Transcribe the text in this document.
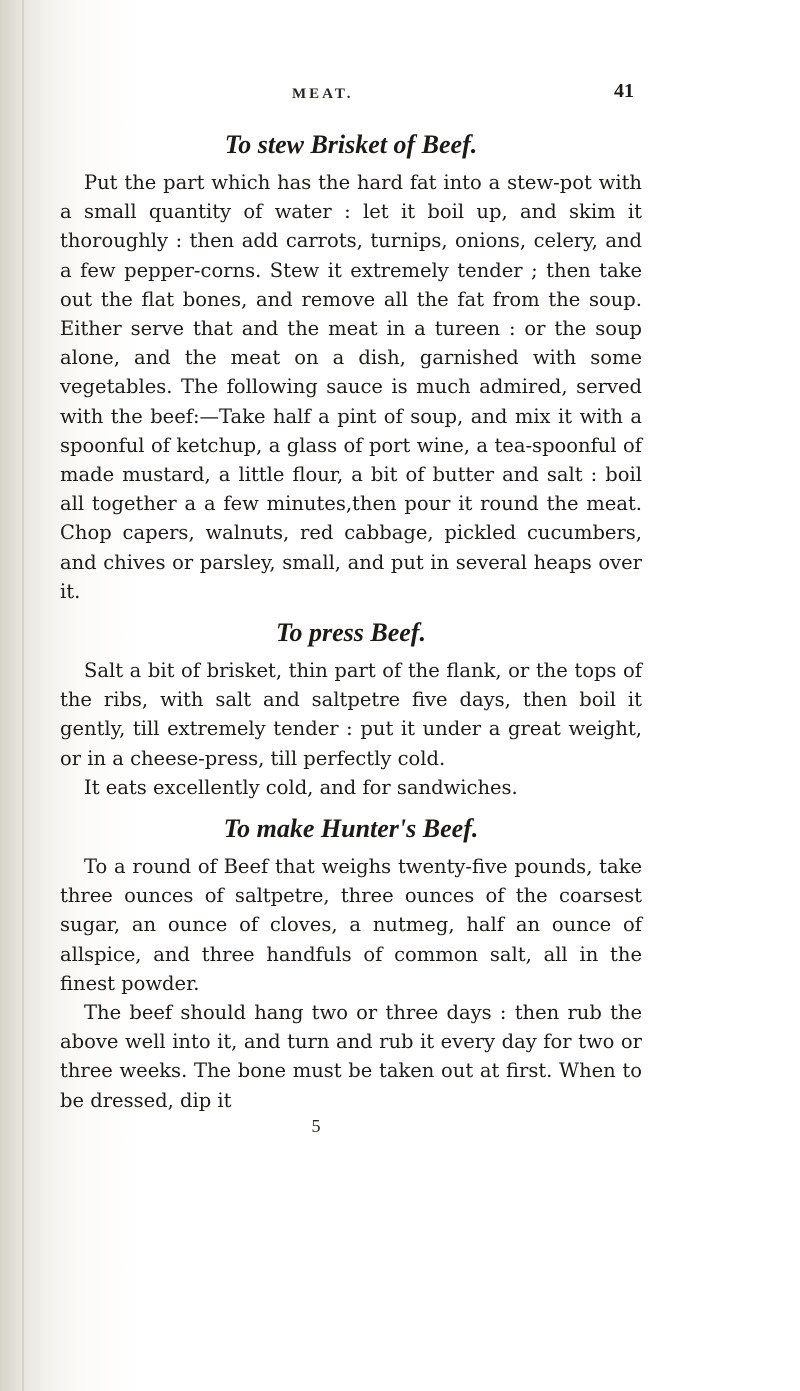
MEAT.	41
To stew Brisket of Beef.

Put the part which has the hard fat into a stew-pot with a small quantity of water : let it boil up, and skim it thoroughly : then add carrots, turnips, onions, celery, and a few pepper-corns. Stew it extremely tender ; then take out the flat bones, and remove all the fat from the soup. Either serve that and the meat in a tureen : or the soup alone, and the meat on a dish, garnished with some vegetables. The following sauce is much admired, served with the beef:—Take half a pint of soup, and mix it with a spoonful of ketchup, a glass of port wine, a tea-spoonful of made mustard, a little flour, a bit of butter and salt : boil all together a a few minutes,then pour it round the meat. Chop capers, walnuts, red cabbage, pickled cucumbers, and chives or parsley, small, and put in several heaps over it.

To press Beef.

Salt a bit of brisket, thin part of the flank, or the tops of the ribs, with salt and saltpetre five days, then boil it gently, till extremely tender : put it under a great weight, or in a cheese-press, till perfectly cold.

It eats excellently cold, and for sandwiches.

To make Hunter's Beef.

To a round of Beef that weighs twenty-five pounds, take three ounces of saltpetre, three ounces of the coarsest sugar, an ounce of cloves, a nutmeg, half an ounce of allspice, and three handfuls of common salt, all in the finest powder.

The beef should hang two or three days : then rub the above well into it, and turn and rub it every day for two or three weeks. The bone must be taken out at first. When to be dressed, dip it

5
